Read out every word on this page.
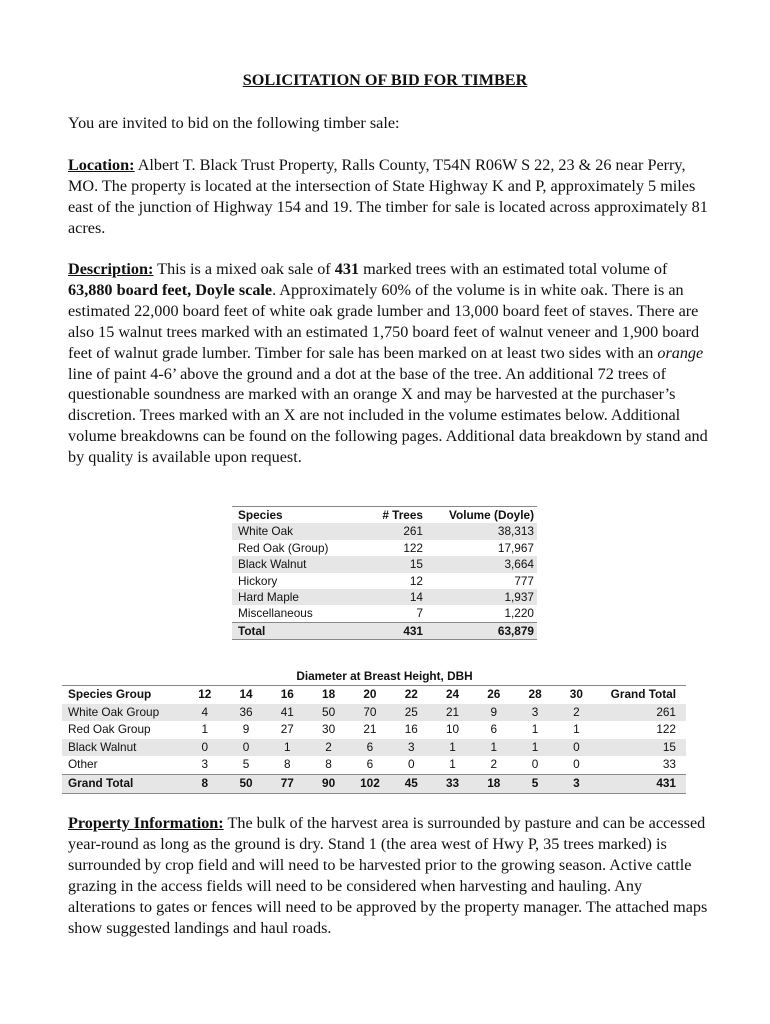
SOLICITATION OF BID FOR TIMBER
You are invited to bid on the following timber sale:

Location: Albert T. Black Trust Property, Ralls County, T54N R06W S 22, 23 & 26 near Perry, MO. The property is located at the intersection of State Highway K and P, approximately 5 miles east of the junction of Highway 154 and 19. The timber for sale is located across approximately 81 acres.

Description: This is a mixed oak sale of 431 marked trees with an estimated total volume of 63,880 board feet, Doyle scale. Approximately 60% of the volume is in white oak. There is an estimated 22,000 board feet of white oak grade lumber and 13,000 board feet of staves. There are also 15 walnut trees marked with an estimated 1,750 board feet of walnut veneer and 1,900 board feet of walnut grade lumber. Timber for sale has been marked on at least two sides with an orange line of paint 4-6’ above the ground and a dot at the base of the tree. An additional 72 trees of questionable soundness are marked with an orange X and may be harvested at the purchaser’s discretion. Trees marked with an X are not included in the volume estimates below. Additional volume breakdowns can be found on the following pages. Additional data breakdown by stand and by quality is available upon request.

Species	# Trees	Volume (Doyle)
White Oak	261	38,313
Red Oak (Group)	122	17,967
Black Walnut	15	3,664
Hickory	12	777
Hard Maple	14	1,937
Miscellaneous	7	1,220
Total	431	63,879
Diameter at Breast Height, DBH
Species Group	12	14	16	18	20	22	24	26	28	30	Grand Total
White Oak Group	4	36	41	50	70	25	21	9	3	2	261
Red Oak Group	1	9	27	30	21	16	10	6	1	1	122
Black Walnut	0	0	1	2	6	3	1	1	1	0	15
Other	3	5	8	8	6	0	1	2	0	0	33
Grand Total	8	50	77	90	102	45	33	18	5	3	431

Property Information: The bulk of the harvest area is surrounded by pasture and can be accessed year-round as long as the ground is dry. Stand 1 (the area west of Hwy P, 35 trees marked) is surrounded by crop field and will need to be harvested prior to the growing season. Active cattle grazing in the access fields will need to be considered when harvesting and hauling. Any alterations to gates or fences will need to be approved by the property manager. The attached maps show suggested landings and haul roads.
